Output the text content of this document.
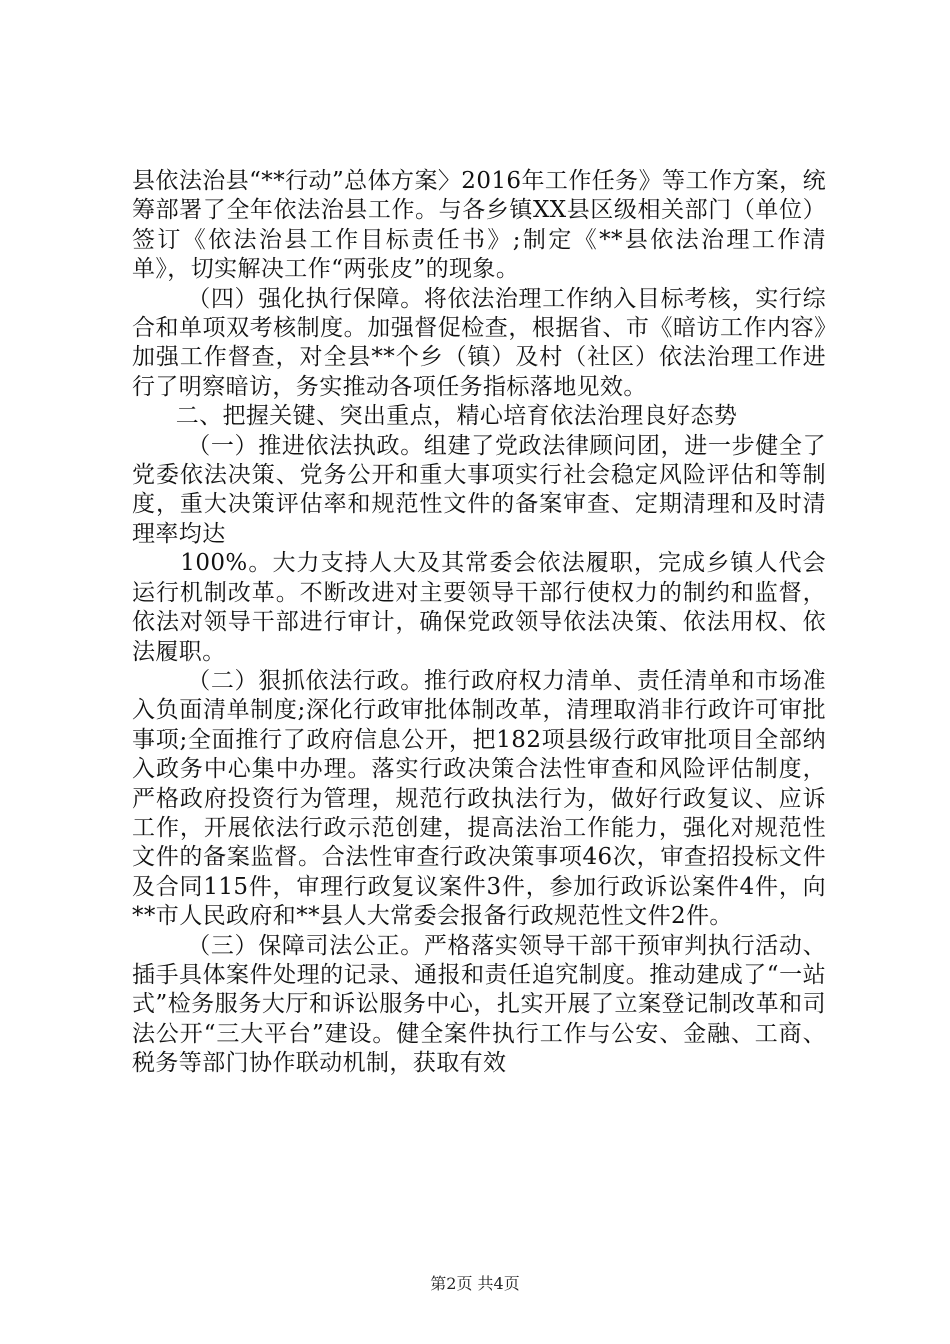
县依法治县“**行动”总体方案〉2016年工作任务》等工作方案，统筹部署了全年依法治县工作。与各乡镇XX县区级相关部门（单位）签订《依法治县工作目标责任书》;制定《**县依法治理工作清单》，切实解决工作“两张皮”的现象。

（四）强化执行保障。将依法治理工作纳入目标考核，实行综合和单项双考核制度。加强督促检查，根据省、市《暗访工作内容》加强工作督查，对全县**个乡（镇）及村（社区）依法治理工作进行了明察暗访，务实推动各项任务指标落地见效。

二、把握关键、突出重点，精心培育依法治理良好态势

（一）推进依法执政。组建了党政法律顾问团，进一步健全了党委依法决策、党务公开和重大事项实行社会稳定风险评估和等制度，重大决策评估率和规范性文件的备案审查、定期清理和及时清理率均达

100%。大力支持人大及其常委会依法履职，完成乡镇人代会运行机制改革。不断改进对主要领导干部行使权力的制约和监督，依法对领导干部进行审计，确保党政领导依法决策、依法用权、依法履职。

（二）狠抓依法行政。推行政府权力清单、责任清单和市场准入负面清单制度;深化行政审批体制改革，清理取消非行政许可审批事项;全面推行了政府信息公开，把182项县级行政审批项目全部纳入政务中心集中办理。落实行政决策合法性审查和风险评估制度，严格政府投资行为管理，规范行政执法行为，做好行政复议、应诉工作，开展依法行政示范创建，提高法治工作能力，强化对规范性文件的备案监督。合法性审查行政决策事项46次，审查招投标文件及合同115件，审理行政复议案件3件，参加行政诉讼案件4件，向**市人民政府和**县人大常委会报备行政规范性文件2件。

（三）保障司法公正。严格落实领导干部干预审判执行活动、插手具体案件处理的记录、通报和责任追究制度。推动建成了“一站式”检务服务大厅和诉讼服务中心，扎实开展了立案登记制改革和司法公开“三大平台”建设。健全案件执行工作与公安、金融、工商、税务等部门协作联动机制，获取有效

第2页 共4页
